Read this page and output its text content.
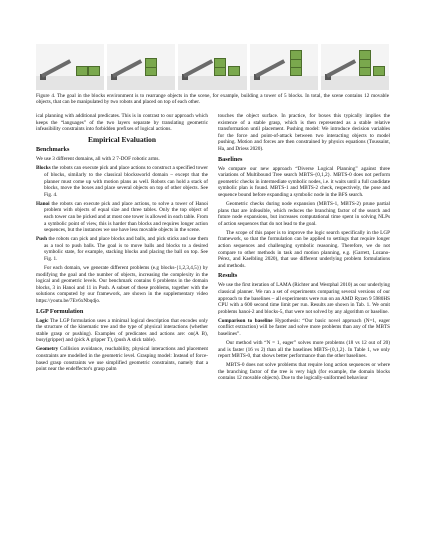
Figure 4. The goal in the blocks environment is to rearrange objects in the scene, for example, building a tower of 5 blocks. In total, the scene contains 12 movable objects, that can be manipulated by two robots and placed on top of each other.

ical planning with additional predicates. This is in contrast to our approach which keeps the “languages” of the two layers separate by translating geometric infeasibility constraints into forbidden prefixes of logical actions.

Empirical Evaluation
Benchmarks

We use 3 different domains, all with 2 7-DOF robotic arms.

Blocks the robots can execute pick and place actions to construct a specified tower of blocks, similarly to the classical blocksworld domain – except that the planner must come up with motion plans as well. Robots can hold a stack of blocks, move the boxes and place several objects on top of other objects. See Fig. 4.

Hanoi the robots can execute pick and place actions, to solve a tower of Hanoi problem with objects of equal size and three tables. Only the top object of each tower can be picked and at most one tower is allowed in each table. From a symbolic point of view, this is harder than blocks and requires longer action sequences, but the instances we use have less movable objects in the scene.

Push the robots can pick and place blocks and balls, and pick sticks and use them as a tool to push balls. The goal is to move balls and blocks to a desired symbolic state, for example, stacking blocks and placing the ball on top. See Fig. 1.

For each domain, we generate different problems (e.g blocks-{1,2,3,4,5}) by modifying the goal and the number of objects, increasing the complexity in the logical and geometric levels. Our benchmark contains 6 problems in the domain blocks, 3 in Hanoi and 11 in Push. A subset of these problems, together with the solutions computed by our framework, are shown in the supplementary video https://youtu.be/7Ev6xNbqdjo.

LGP Formulation

Logic The LGP formulation uses a minimal logical description that encodes only the structure of the kinematic tree and the type of physical interactions (whether stable grasp or pushing). Examples of predicates and actions are: on(A B), busy(gripper) and (pick A gripper T), (push A stick table).

Geometry Collision avoidance, reachability, physical interactions and placement constraints are modelled in the geometric level. Grasping model: Instead of force-based grasp constraints we use simplified geometric constraints, namely that a point near the endeffector's grasp palm

touches the object surface. In practice, for boxes this typically implies the existence of a stable grasp, which is then represented as a stable relative transformation until placement. Pushing model: We introduce decision variables for the force and point-of-attack between two interacting objects to model pushing. Motion and forces are then constrained by physics equations (Toussaint, Ha, and Driess 2020).

Baselines

We compare our new approach “Diverse Logical Planning” against three variations of Multibound Tree search MBTS-{0,1,2}. MBTS-0 does not perform geometric checks in intermediate symbolic nodes, i.e. it waits until a full candidate symbolic plan is found. MBTS-1 and MBTS-2 check, respectively, the pose and sequence bound before expanding a symbolic node in the BFS search.

Geometric checks during node expansion (MBTS-1, MBTS-2) prune partial plans that are infeasible, which reduces the branching factor of the search and future node expansions, but increases computational time spent in solving NLPs of action sequences that do not lead to the goal.

The scope of this paper is to improve the logic search specifically in the LGP framework, so that the formulation can be applied to settings that require longer action sequences and challenging symbolic reasoning. Therefore, we do not compare to other methods in task and motion planning, e.g. (Garrett, Lozano-Pérez, and Kaelbling 2020), that use different underlying problem formulations and methods.

Results

We use the first iteration of LAMA (Richter and Westphal 2010) as our underlying classical planner. We ran a set of experiments comparing several versions of our approach to the baselines – all experiments were run on an AMD Ryzen 9 5980HS CPU with a 600 second time limit per run. Results are shown in Tab. 1. We omit problems hanoi-2 and blocks-5, that were not solved by any algorithm or baseline.

Comparison to baseline Hypothesis: “Our basic novel approach (N=1, eager conflict extraction) will be faster and solve more problems than any of the MBTS baselines”.

Our method with “N = 1, eager” solves more problems (18 vs 12 out of 20) and is faster (16 vs 2) than all the baselines MBTS-{0,1,2}. In Table 1, we only report MBTS-0, that shows better performance than the other baselines.

MBTS-0 does not solve problems that require long action sequences or where the branching factor of the tree is very high (for example, the domain blocks contains 12 movable objects). Due to the logically-uniformed behaviour
